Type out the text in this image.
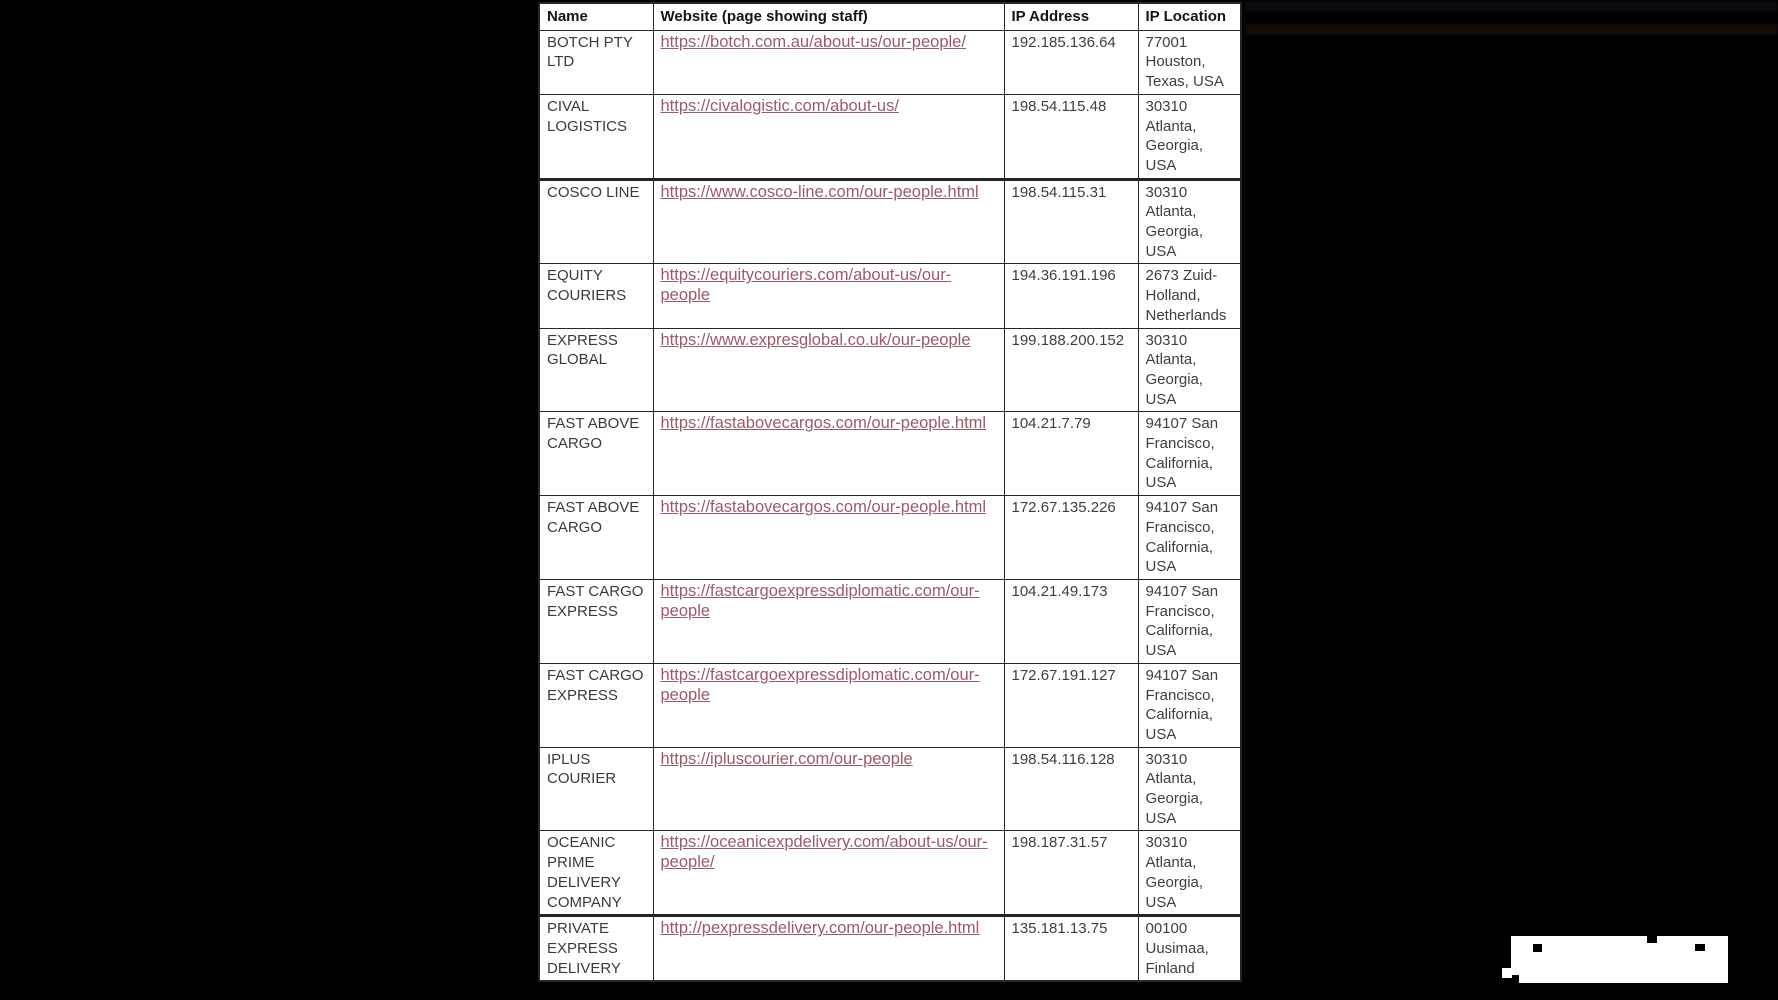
Name	Website (page showing staff)	IP Address	IP Location
BOTCH PTY LTD	https://botch.com.au/about-us/our-people/	192.185.136.64	77001 Houston, Texas, USA
CIVAL LOGISTICS	https://civalogistic.com/about-us/	198.54.115.48	30310 Atlanta, Georgia, USA
COSCO LINE	https://www.cosco-line.com/our-people.html	198.54.115.31	30310 Atlanta, Georgia, USA
EQUITY COURIERS	https://equitycouriers.com/about-us/our-people	194.36.191.196	2673 Zuid-Holland, Netherlands
EXPRESS GLOBAL	https://www.expresglobal.co.uk/our-people	199.188.200.152	30310 Atlanta, Georgia, USA
FAST ABOVE CARGO	https://fastabovecargos.com/our-people.html	104.21.7.79	94107 San Francisco, California, USA
FAST ABOVE CARGO	https://fastabovecargos.com/our-people.html	172.67.135.226	94107 San Francisco, California, USA
FAST CARGO EXPRESS	https://fastcargoexpressdiplomatic.com/our-people	104.21.49.173	94107 San Francisco, California, USA
FAST CARGO EXPRESS	https://fastcargoexpressdiplomatic.com/our-people	172.67.191.127	94107 San Francisco, California, USA
IPLUS COURIER	https://ipluscourier.com/our-people	198.54.116.128	30310 Atlanta, Georgia, USA
OCEANIC PRIME DELIVERY COMPANY	https://oceanicexpdelivery.com/about-us/our-people/	198.187.31.57	30310 Atlanta, Georgia, USA
PRIVATE EXPRESS DELIVERY	http://pexpressdelivery.com/our-people.html	135.181.13.75	00100 Uusimaa, Finland
